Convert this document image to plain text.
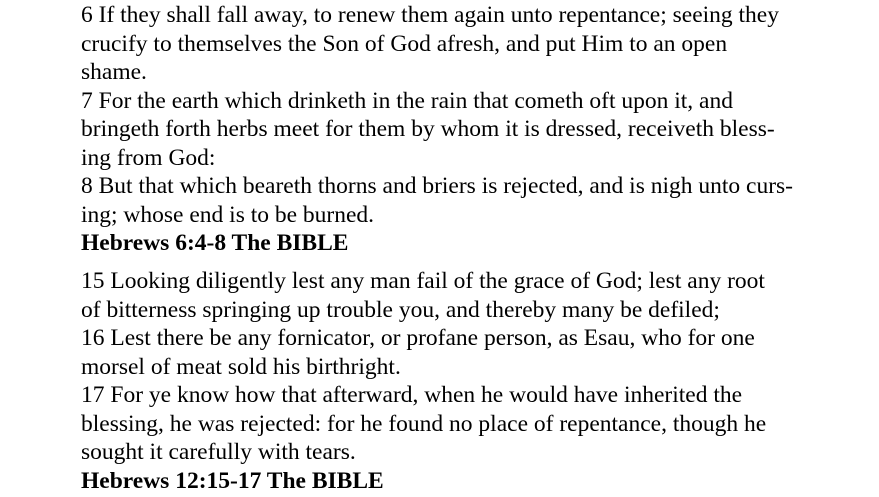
6 If they shall fall away, to renew them again unto repentance; seeing they
crucify to themselves the Son of God afresh, and put Him to an open
shame.
7 For the earth which drinketh in the rain that cometh oft upon it, and
bringeth forth herbs meet for them by whom it is dressed, receiveth bless-
ing from God:
8 But that which beareth thorns and briers is rejected, and is nigh unto curs-
ing; whose end is to be burned.
Hebrews 6:4-8 The BIBLE
15 Looking diligently lest any man fail of the grace of God; lest any root
of bitterness springing up trouble you, and thereby many be defiled;
16 Lest there be any fornicator, or profane person, as Esau, who for one
morsel of meat sold his birthright.
17 For ye know how that afterward, when he would have inherited the
blessing, he was rejected: for he found no place of repentance, though he
sought it carefully with tears.
Hebrews 12:15-17 The BIBLE
